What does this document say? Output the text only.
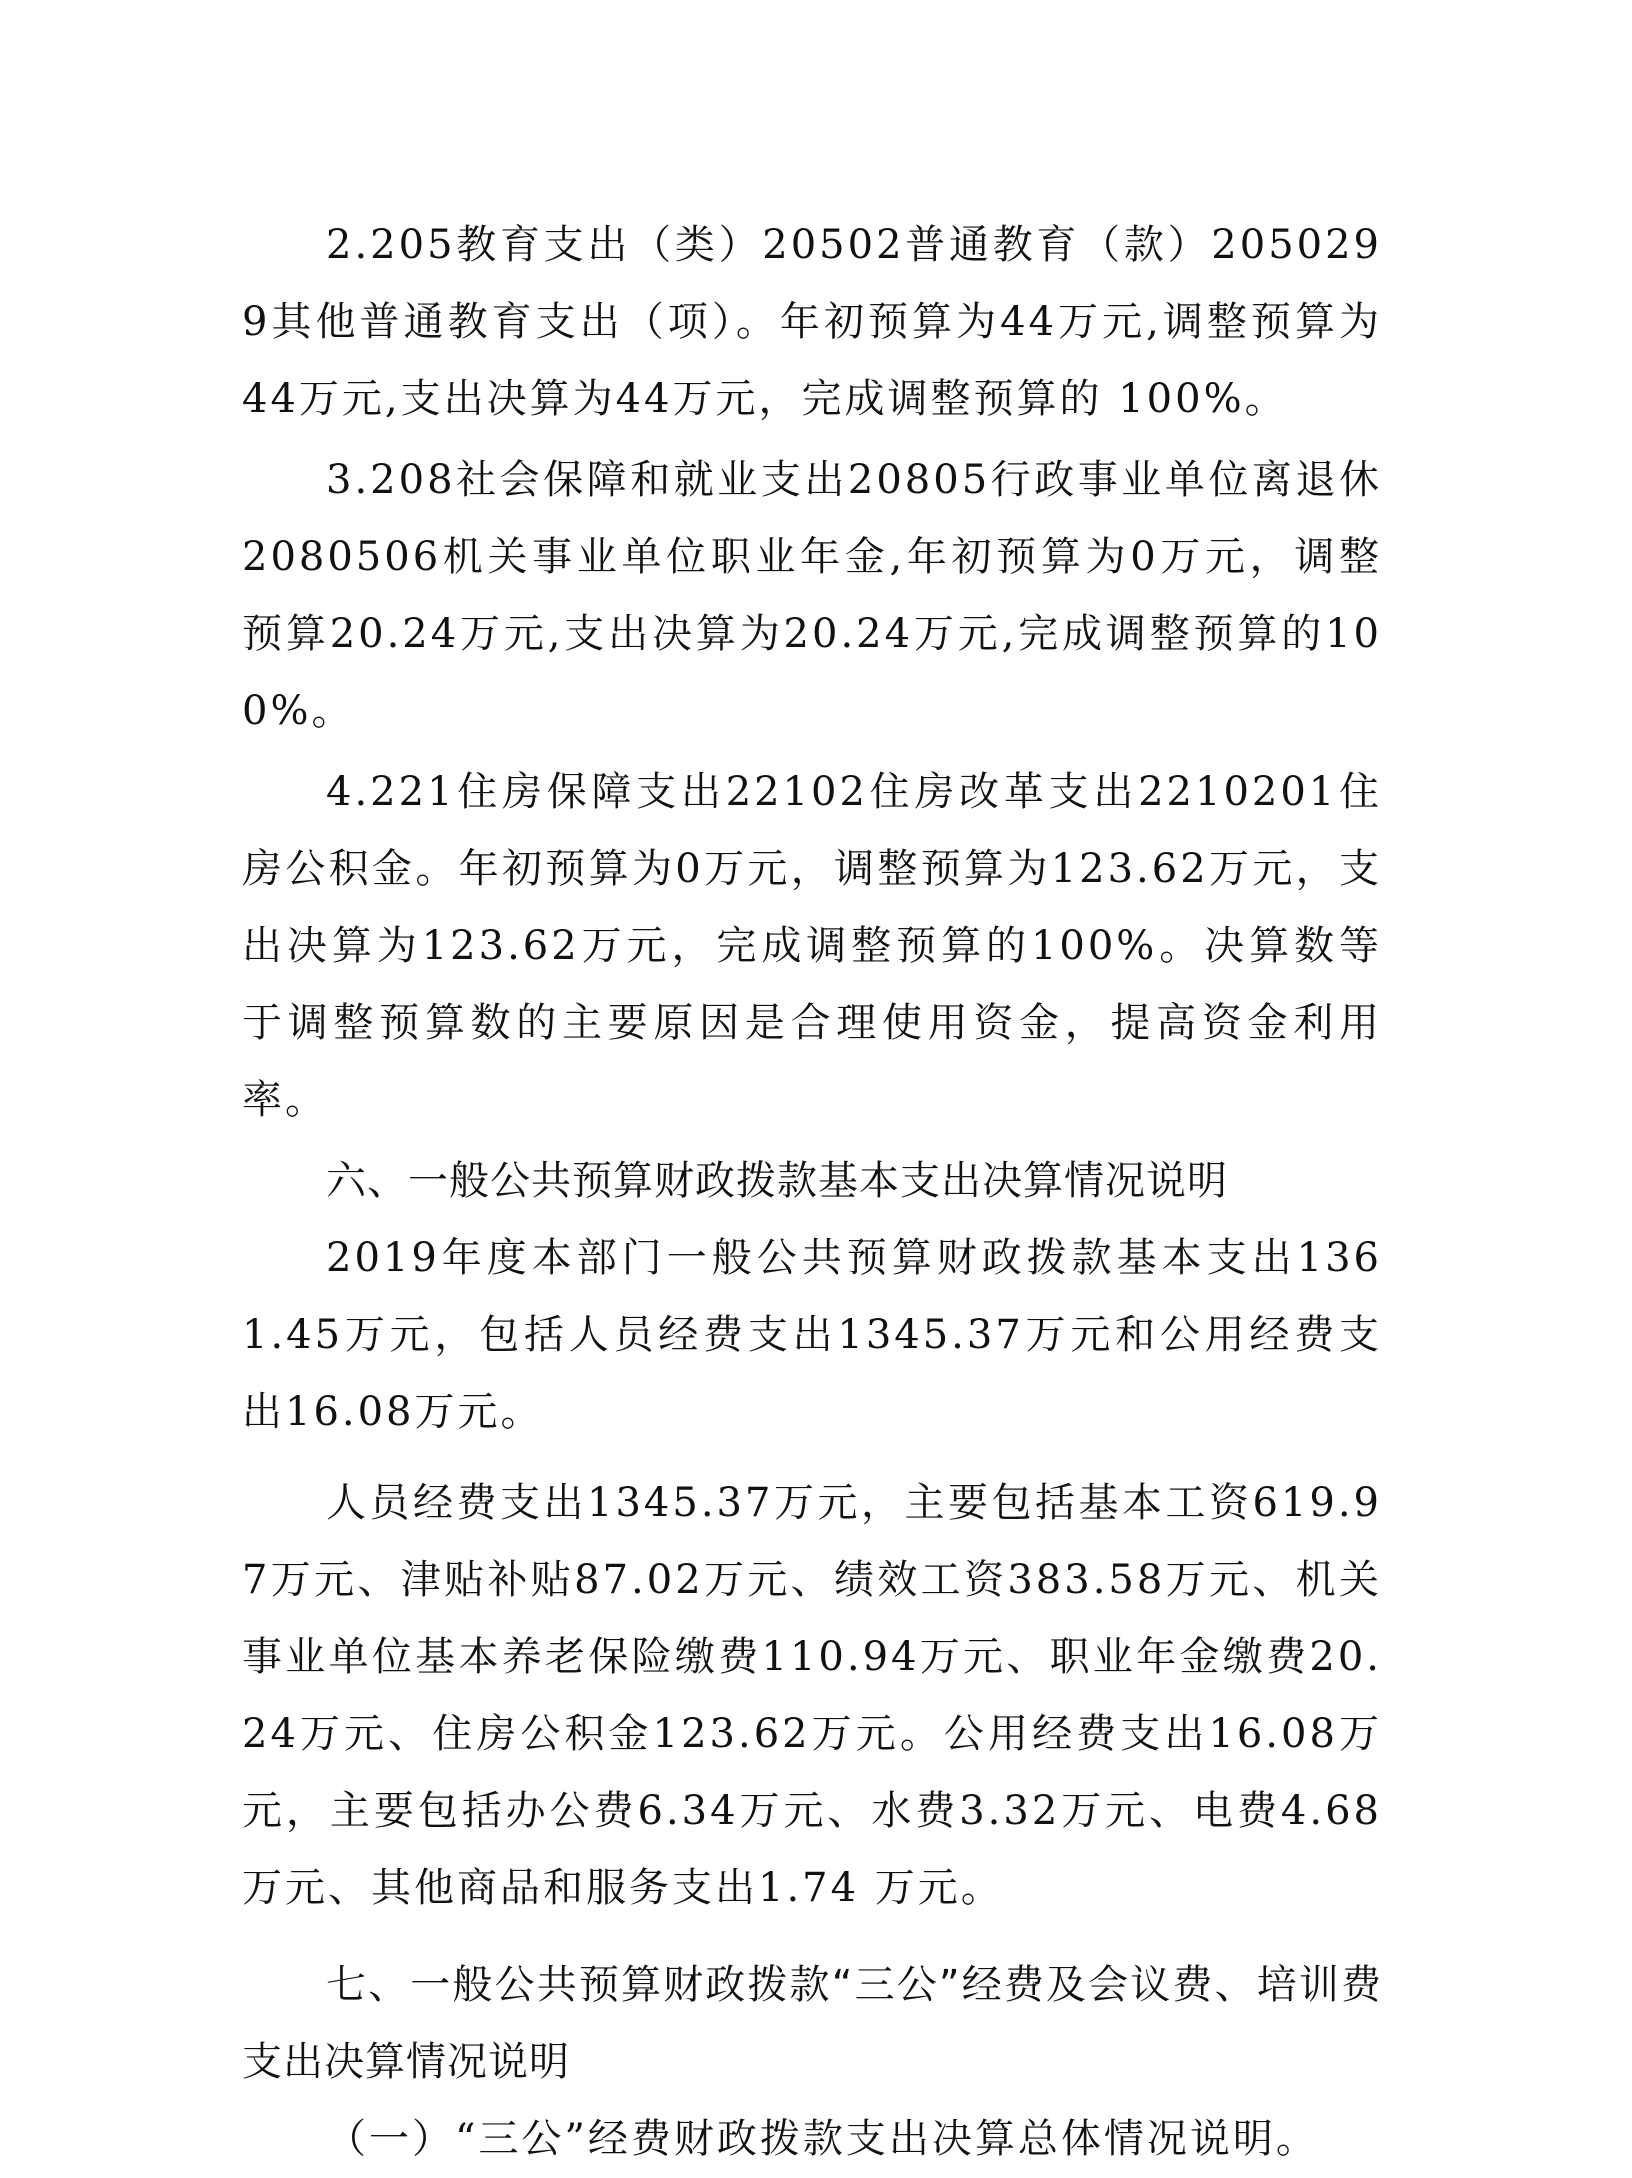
2.205教育支出（类）20502普通教育（款）2050299其他普通教育支出（项）。年初预算为44万元,调整预算为44万元,支出决算为44万元，完成调整预算的 100%。

3.208社会保障和就业支出20805行政事业单位离退休2080506机关事业单位职业年金,年初预算为0万元，调整预算20.24万元,支出决算为20.24万元,完成调整预算的100%。

4.221住房保障支出22102住房改革支出2210201住房公积金。年初预算为0万元，调整预算为123.62万元，支出决算为123.62万元，完成调整预算的100%。决算数等于调整预算数的主要原因是合理使用资金，提高资金利用率。

六、一般公共预算财政拨款基本支出决算情况说明

2019年度本部门一般公共预算财政拨款基本支出1361.45万元，包括人员经费支出1345.37万元和公用经费支出16.08万元。

人员经费支出1345.37万元，主要包括基本工资619.97万元、津贴补贴87.02万元、绩效工资383.58万元、机关事业单位基本养老保险缴费110.94万元、职业年金缴费20.24万元、住房公积金123.62万元。公用经费支出16.08万元，主要包括办公费6.34万元、水费3.32万元、电费4.68万元、其他商品和服务支出1.74 万元。

七、一般公共预算财政拨款“三公”经费及会议费、培训费支出决算情况说明

（一）“三公”经费财政拨款支出决算总体情况说明。
